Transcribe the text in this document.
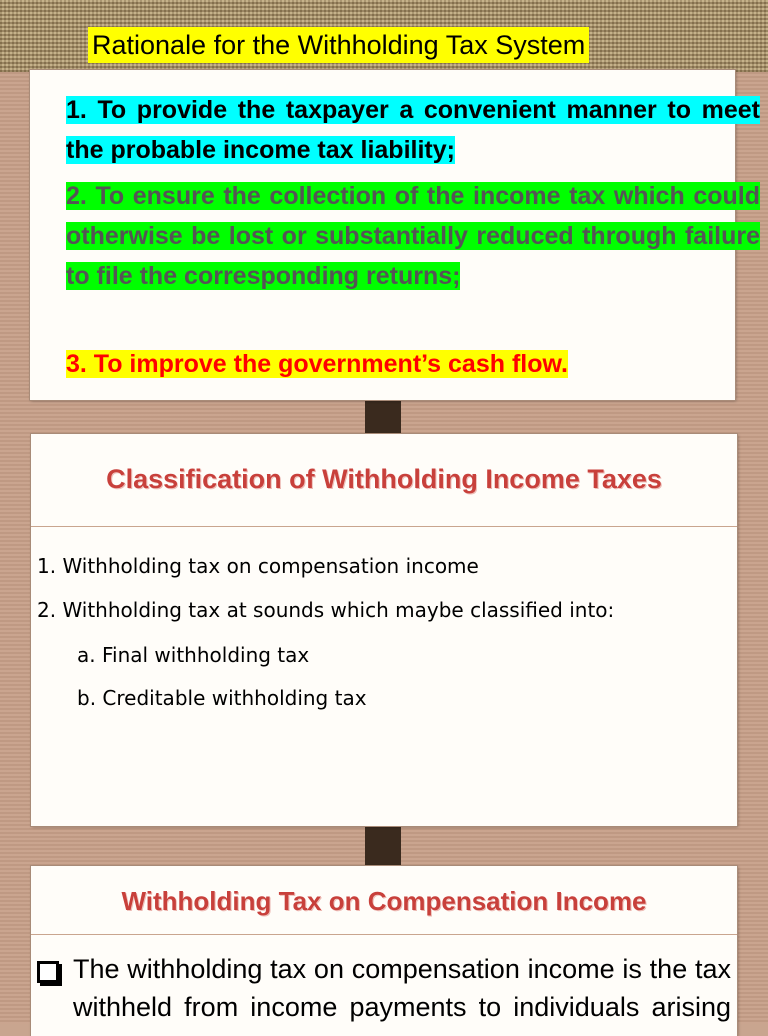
Rationale for the Withholding Tax System
1. To provide the taxpayer a convenient manner to meet the probable income tax liability;
2. To ensure the collection of the income tax which could otherwise be lost or substantially reduced through failure to file the corresponding returns;
3. To improve the government’s cash flow.
Classification of Withholding Income Taxes
1. Withholding tax on compensation income
2. Withholding tax at sounds which maybe classified into:
a. Final withholding tax
b. Creditable withholding tax
Withholding Tax on Compensation Income
The withholding tax on compensation income is the tax withheld from income payments to individuals arising
